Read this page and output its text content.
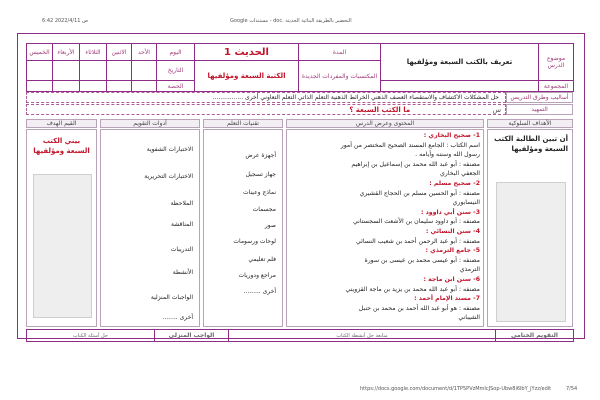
6:42 2022/4/11 ص	Google مستندات - doc. التحضير بالطريقة البنائية الحديثة
الخميس	الأربعاء	الثلاثاء	الاثنين	الأحد	اليوم	الحديث 1	المدة	تعريف بالكتب السبعة ومؤلفيها	موضوع الدرس
					التاريخ	الكتبة السبعة ومؤلفيها	المكتسبات والمفردات الجديدة		
					الحصة				المجموعة
حل المشكلات الاكتشاف والاستقصاء العصف الذهني الخرائط الذهنية التعلم الذاتي التعلم التعاوني أخرى ................	أساليب وطرق التدريس
س ما الكتب السبعة ؟	التمهيد
القيم الهدف	أدوات التقويم	تقنيات التعلم	المحتوى وعرض الدرس	الأهداف السلوكية
بيني الكتب السبعة ومؤلفيها	الاختبارات الشفوية
الاختبارات التحريرية
الملاحظة
المناقشة
التدريبات
الأنشطة
الواجبات المنزلية
أخرى ........
أجهزة عرض
جهاز تسجيل
نماذج وعينات
مجسمات
صور
لوحات ورسومات
فلم تعليمي
مراجع ودوريات
أخرى .........
1- صحيح البخاري :
اسم الكتاب : الجامع المسند الصحيح المختصر من أمور
رسول الله وسننه وأيامه .
مصنفه : أبو عبد الله محمد بن إسماعيل بن إبراهيم
الجعفي البخاري
2- صحيح مسلم :
مصنفه : أبو الحسين مسلم بن الحجاج القشيري
النيسابوري
3- سنن أبي داوود :
مصنفه : أبو داوود سليمان بن الأشعث السجستاني
4- سنن النسائي :
مصنفه : أبو عبد الرحمن أحمد بن شعيب النسائي
5- جامع الترمذي :
مصنفه : أبو عيسى محمد بن عيسى بن سورة
الترمذي
6- سنن ابن ماجة :
مصنفه : أبو عبد الله محمد بن يزيد بن ماجة القزويني
7- مسند الإمام أحمد :
مصنفه : هو أبو عبد الله أحمد بن محمد بن حنبل
الشيباني
أن تبين الطالبة الكتب السبعة ومؤلفيها
حل أسئلة الكتاب	الواجب المنزلي	متابعة حل أنشطة الكتاب	التقويم الختامي
https://docs.google.com/document/d/1TP5PVzMmIcJSop-Ubw8i6lbY_jYzz/edit	7/54
